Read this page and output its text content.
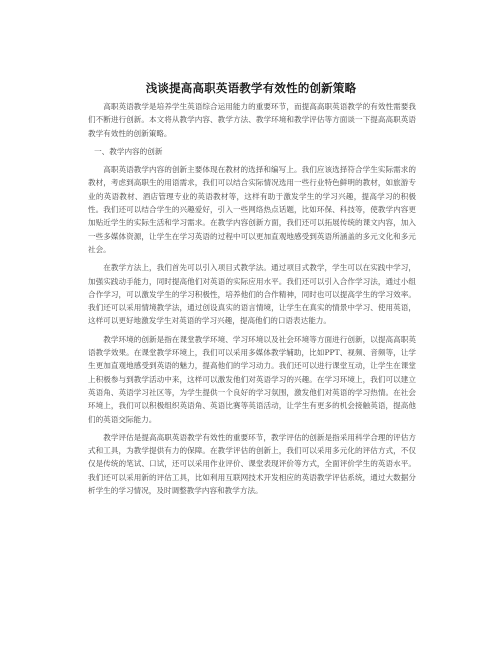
浅谈提高高职英语教学有效性的创新策略

高职英语教学是培养学生英语综合运用能力的重要环节，而提高高职英语教学的有效性需要我们不断进行创新。本文将从教学内容、教学方法、教学环境和教学评估等方面谈一下提高高职英语教学有效性的创新策略。

一、教学内容的创新

高职英语教学内容的创新主要体现在教材的选择和编写上。我们应该选择符合学生实际需求的教材，考虑到高职生的用语需求，我们可以结合实际情况选用一些行业特色鲜明的教材，如旅游专业的英语教材、酒店管理专业的英语教材等，这样有助于激发学生的学习兴趣，提高学习的积极性。我们还可以结合学生的兴趣爱好，引入一些网络热点话题，比如环保、科技等，使教学内容更加贴近学生的实际生活和学习需求。在教学内容创新方面，我们还可以拓展传统的课文内容，加入一些多媒体资源，让学生在学习英语的过程中可以更加直观地感受到英语所涵盖的多元文化和多元社会。

在教学方法上，我们首先可以引入项目式教学法。通过项目式教学，学生可以在实践中学习，加强实践动手能力，同时提高他们对英语的实际应用水平。我们还可以引入合作学习法，通过小组合作学习，可以激发学生的学习积极性，培养他们的合作精神，同时也可以提高学生的学习效率。我们还可以采用情境教学法，通过创设真实的语言情境，让学生在真实的情景中学习、使用英语，这样可以更好地激发学生对英语的学习兴趣，提高他们的口语表达能力。

教学环境的创新是指在课堂教学环境、学习环境以及社会环境等方面进行创新，以提高高职英语教学效果。在课堂教学环境上，我们可以采用多媒体教学辅助，比如PPT、视频、音频等，让学生更加直观地感受到英语的魅力，提高他们的学习动力。我们还可以进行课堂互动，让学生在课堂上积极参与到教学活动中来，这样可以激发他们对英语学习的兴趣。在学习环境上，我们可以建立英语角、英语学习社区等，为学生提供一个良好的学习氛围，激发他们对英语的学习热情。在社会环境上，我们可以积极组织英语角、英语比赛等英语活动，让学生有更多的机会接触英语，提高他们的英语交际能力。

教学评估是提高高职英语教学有效性的重要环节，教学评估的创新是指采用科学合理的评估方式和工具，为教学提供有力的保障。在教学评估的创新上，我们可以采用多元化的评估方式，不仅仅是传统的笔试、口试，还可以采用作业评价、课堂表现评价等方式，全面评价学生的英语水平。我们还可以采用新的评估工具，比如利用互联网技术开发相应的英语教学评估系统，通过大数据分析学生的学习情况，及时调整教学内容和教学方法。
